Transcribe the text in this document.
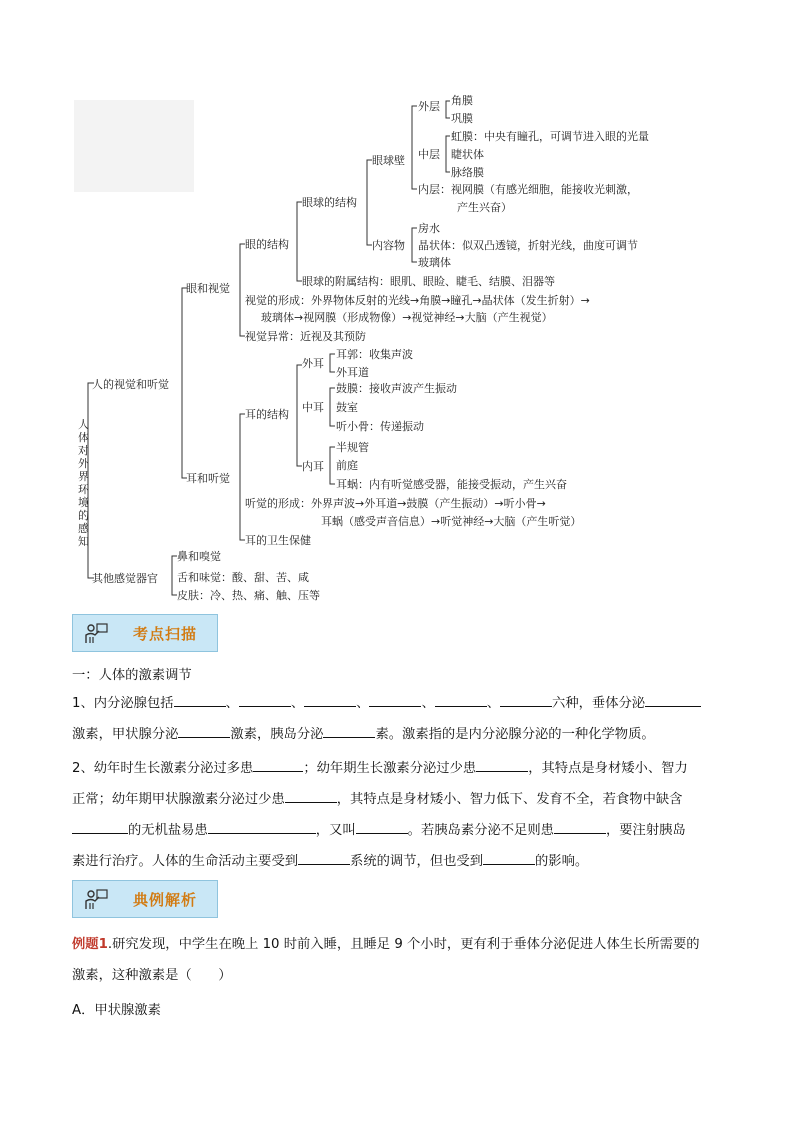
人
体
对
外
界
环
境
的
感
知
人的视觉和听觉
其他感觉器官
眼和视觉
耳和听觉
眼的结构
眼球的结构
眼球壁
外层 角膜
巩膜
中层
虹膜：中央有瞳孔，可调节进入眼的光量
睫状体
脉络膜
内层：视网膜（有感光细胞，能接收光刺激，
产生兴奋）
内容物
房水
晶状体：似双凸透镜，折射光线，曲度可调节
玻璃体
眼球的附属结构：眼肌、眼睑、睫毛、结膜、泪器等
视觉的形成：外界物体反射的光线→角膜→瞳孔→晶状体（发生折射）→
玻璃体→视网膜（形成物像）→视觉神经→大脑（产生视觉）
视觉异常：近视及其预防
耳的结构
外耳
耳郭：收集声波
外耳道
中耳
鼓膜：接收声波产生振动
鼓室
听小骨：传递振动
内耳
半规管
前庭
耳蜗：内有听觉感受器，能接受振动，产生兴奋
听觉的形成：外界声波→外耳道→鼓膜（产生振动）→听小骨→
耳蜗（感受声音信息）→听觉神经→大脑（产生听觉）
耳的卫生保健
鼻和嗅觉
舌和味觉：酸、甜、苦、咸
皮肤：冷、热、痛、触、压等
考点扫描
一：人体的激素调节
1、内分泌腺包括	、	、	、	、	、	六种，垂体分泌
激素，甲状腺分泌	激素，胰岛分泌	素。激素指的是内分泌腺分泌的一种化学物质。
2、幼年时生长激素分泌过多患	；幼年期生长激素分泌过少患	，其特点是身材矮小、智力
正常；幼年期甲状腺激素分泌过少患	，其特点是身材矮小、智力低下、发育不全，若食物中缺含
的无机盐易患	，又叫	。若胰岛素分泌不足则患	，要注射胰岛
素进行治疗。人体的生命活动主要受到	系统的调节，但也受到	的影响。
典例解析
例题1.研究发现，中学生在晚上 10 时前入睡，且睡足 9 个小时，更有利于垂体分泌促进人体生长所需要的
激素，这种激素是（　　）
A．甲状腺激素
